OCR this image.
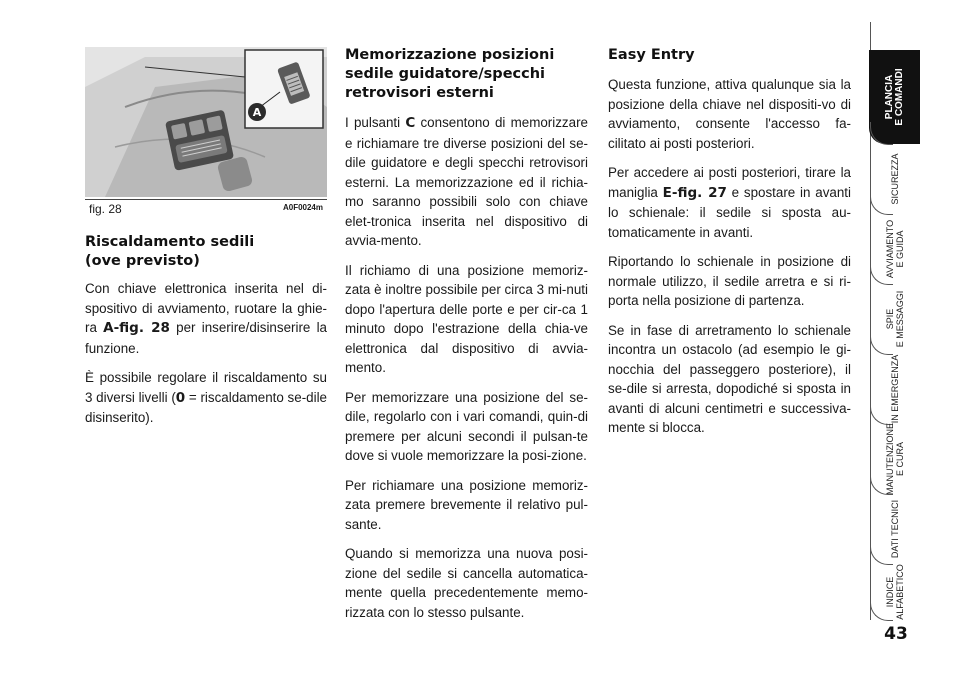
A
fig. 28	A0F0024m
Riscaldamento sedili
(ove previsto)

Con chiave elettronica inserita nel di-spositivo di avviamento, ruotare la ghie-ra A-fig. 28 per inserire/disinserire la funzione.

È possibile regolare il riscaldamento su 3 diversi livelli (0 = riscaldamento se-dile disinserito).

Memorizzazione posizioni
sedile guidatore/specchi
retrovisori esterni

I pulsanti C consentono di memorizzare e richiamare tre diverse posizioni del se-dile guidatore e degli specchi retrovisori esterni. La memorizzazione ed il richia-mo saranno possibili solo con chiave elet-tronica inserita nel dispositivo di avvia-mento.

Il richiamo di una posizione memoriz-zata è inoltre possibile per circa 3 mi-nuti dopo l'apertura delle porte e per cir-ca 1 minuto dopo l'estrazione della chia-ve elettronica dal dispositivo di avvia-mento.

Per memorizzare una posizione del se-dile, regolarlo con i vari comandi, quin-di premere per alcuni secondi il pulsan-te dove si vuole memorizzare la posi-zione.

Per richiamare una posizione memoriz-zata premere brevemente il relativo pul-sante.

Quando si memorizza una nuova posi-zione del sedile si cancella automatica-mente quella precedentemente memo-rizzata con lo stesso pulsante.

Easy Entry

Questa funzione, attiva qualunque sia la posizione della chiave nel dispositi-vo di avviamento, consente l'accesso fa-cilitato ai posti posteriori.

Per accedere ai posti posteriori, tirare la maniglia E-fig. 27 e spostare in avanti lo schienale: il sedile si sposta au-tomaticamente in avanti.

Riportando lo schienale in posizione di normale utilizzo, il sedile arretra e si ri-porta nella posizione di partenza.

Se in fase di arretramento lo schienale incontra un ostacolo (ad esempio le gi-nocchia del passeggero posteriore), il se-dile si arresta, dopodiché si sposta in avanti di alcuni centimetri e successiva-mente si blocca.

PLANCIA
E COMANDI
SICUREZZA
AVVIAMENTO
E GUIDA
SPIE
E MESSAGGI
IN EMERGENZA
MANUTENZIONE
E CURA
DATI TECNICI
INDICE
ALFABETICO
43
